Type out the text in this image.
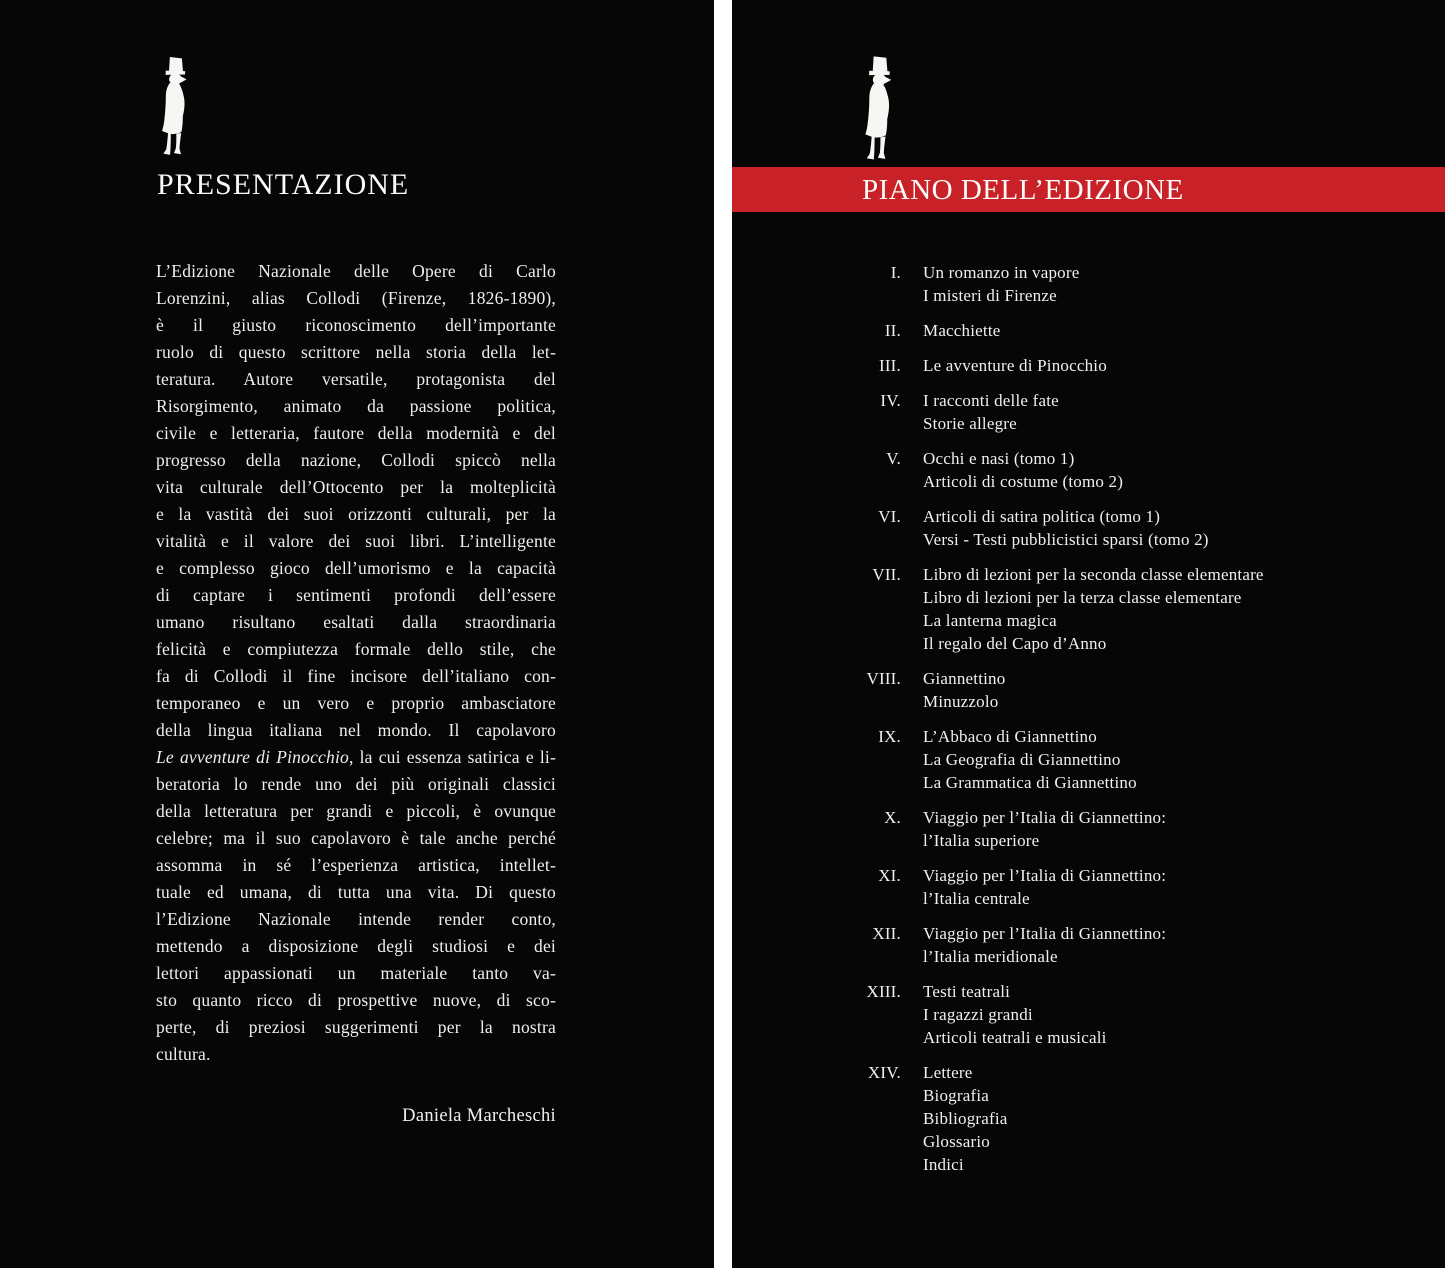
PRESENTAZIONE
L’Edizione Nazionale delle Opere di Carlo
Lorenzini, alias Collodi (Firenze, 1826-1890),
è il giusto riconoscimento dell’importante
ruolo di questo scrittore nella storia della let-
teratura. Autore versatile, protagonista del
Risorgimento, animato da passione politica,
civile e letteraria, fautore della modernità e del
progresso della nazione, Collodi spiccò nella
vita culturale dell’Ottocento per la molteplicità
e la vastità dei suoi orizzonti culturali, per la
vitalità e il valore dei suoi libri. L’intelligente
e complesso gioco dell’umorismo e la capacità
di captare i sentimenti profondi dell’essere
umano risultano esaltati dalla straordinaria
felicità e compiutezza formale dello stile, che
fa di Collodi il fine incisore dell’italiano con-
temporaneo e un vero e proprio ambasciatore
della lingua italiana nel mondo. Il capolavoro
Le avventure di Pinocchio, la cui essenza satirica e li-
beratoria lo rende uno dei più originali classici
della letteratura per grandi e piccoli, è ovunque
celebre; ma il suo capolavoro è tale anche perché
assomma in sé l’esperienza artistica, intellet-
tuale ed umana, di tutta una vita. Di questo
l’Edizione Nazionale intende render conto,
mettendo a disposizione degli studiosi e dei
lettori appassionati un materiale tanto va-
sto quanto ricco di prospettive nuove, di sco-
perte, di preziosi suggerimenti per la nostra
cultura.
Daniela Marcheschi
PIANO DELL’EDIZIONE
I. Un romanzo in vapore
I misteri di Firenze
II. Macchiette
III. Le avventure di Pinocchio
IV. I racconti delle fate
Storie allegre
V. Occhi e nasi (tomo 1)
Articoli di costume (tomo 2)
VI. Articoli di satira politica (tomo 1)
Versi - Testi pubblicistici sparsi (tomo 2)
VII. Libro di lezioni per la seconda classe elementare
Libro di lezioni per la terza classe elementare
La lanterna magica
Il regalo del Capo d’Anno
VIII. Giannettino
Minuzzolo
IX. L’Abbaco di Giannettino
La Geografia di Giannettino
La Grammatica di Giannettino
X. Viaggio per l’Italia di Giannettino:
l’Italia superiore
XI. Viaggio per l’Italia di Giannettino:
l’Italia centrale
XII. Viaggio per l’Italia di Giannettino:
l’Italia meridionale
XIII. Testi teatrali
I ragazzi grandi
Articoli teatrali e musicali
XIV. Lettere
Biografia
Bibliografia
Glossario
Indici
